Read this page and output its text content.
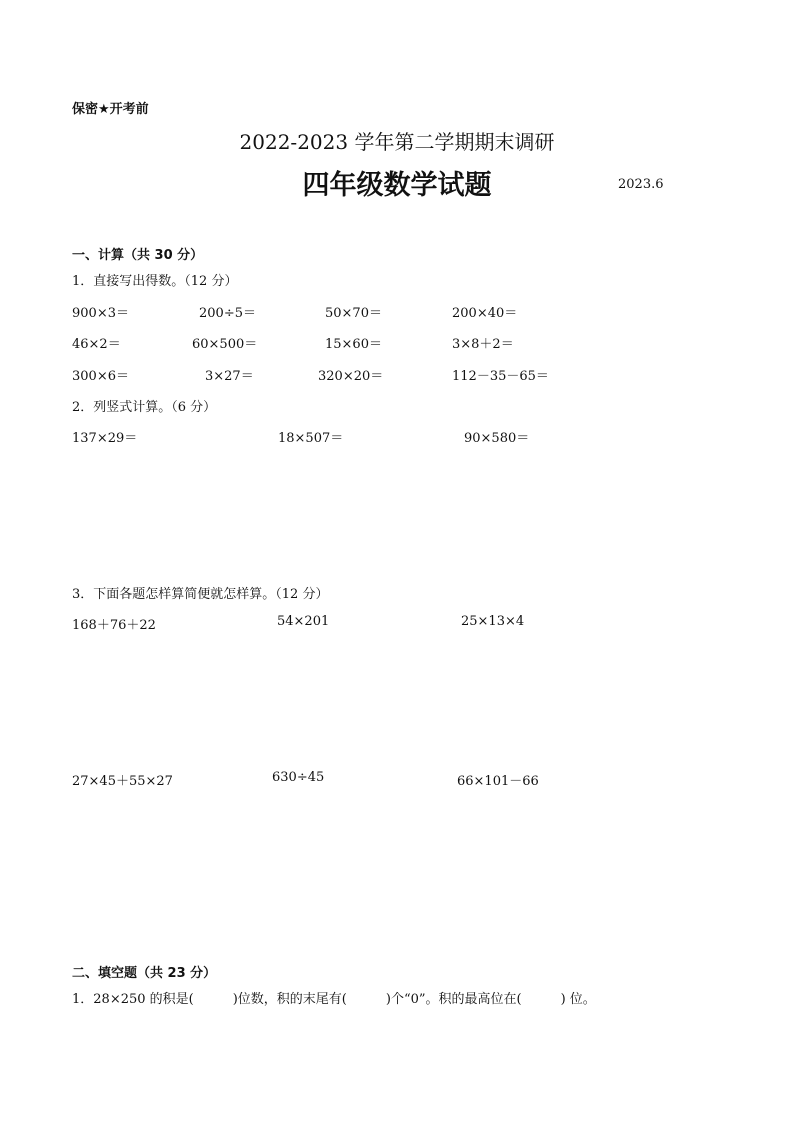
保密★开考前
2022-2023 学年第二学期期末调研
四年级数学试题	2023.6
一、计算（共 30 分）
1．直接写出得数。（12 分）
900×3＝	200÷5＝	50×70＝	200×40＝
46×2＝	60×500＝	15×60＝	3×8＋2＝
300×6＝	3×27＝	320×20＝	112－35－65＝
2．列竖式计算。（6 分）
137×29＝	18×507＝	90×580＝
3．下面各题怎样算简便就怎样算。（12 分）
168＋76＋22	54×201	25×13×4
27×45＋55×27	630÷45	66×101－66
二、填空题（共 23 分）
1．28×250 的积是(　　　)位数，积的末尾有(　　　)个“0”。积的最高位在(　　　) 位。
